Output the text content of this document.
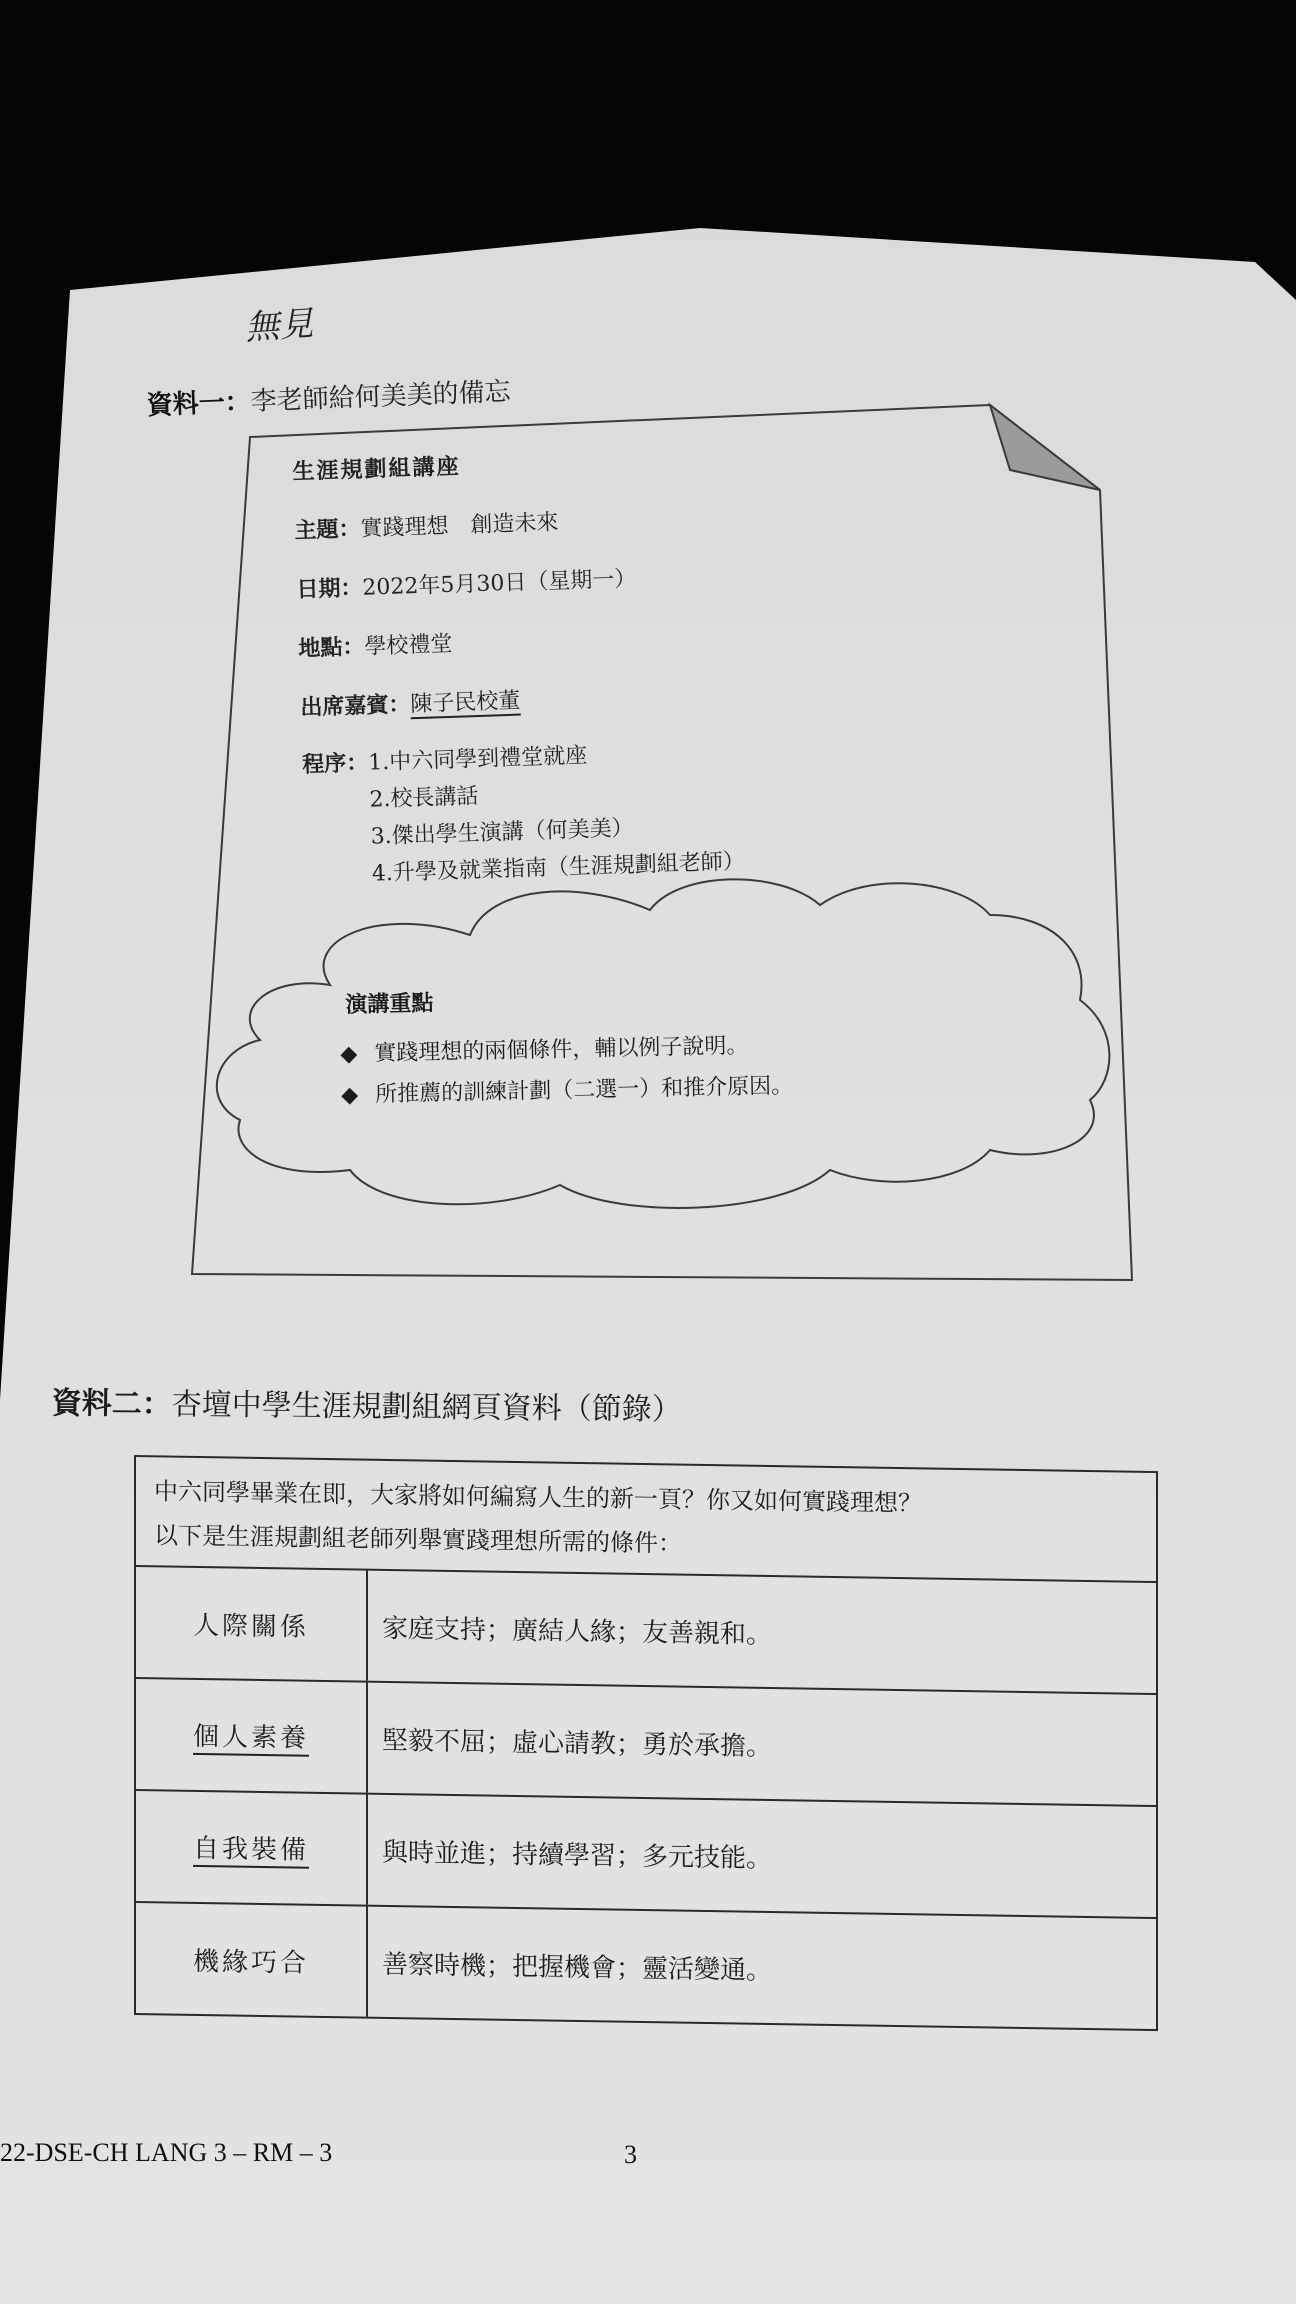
無見
資料一：李老師給何美美的備忘
生涯規劃組講座
主題：實踐理想　創造未來
日期：2022年5月30日（星期一）
地點：學校禮堂
出席嘉賓：陳子民校董
程序： 1.中六同學到禮堂就座
2.校長講話
3.傑出學生演講（何美美）
4.升學及就業指南（生涯規劃組老師）
演講重點
◆ 實踐理想的兩個條件，輔以例子說明。
◆ 所推薦的訓練計劃（二選一）和推介原因。
資料二：杏壇中學生涯規劃組網頁資料（節錄）

中六同學畢業在即，大家將如何編寫人生的新一頁？你又如何實踐理想？

以下是生涯規劃組老師列舉實踐理想所需的條件：

人際關係	家庭支持；廣結人緣；友善親和。
個人素養	堅毅不屈；虛心請教；勇於承擔。
自我裝備	與時並進；持續學習；多元技能。
機緣巧合	善察時機；把握機會；靈活變通。
22-DSE-CH LANG 3 – RM – 3	3
